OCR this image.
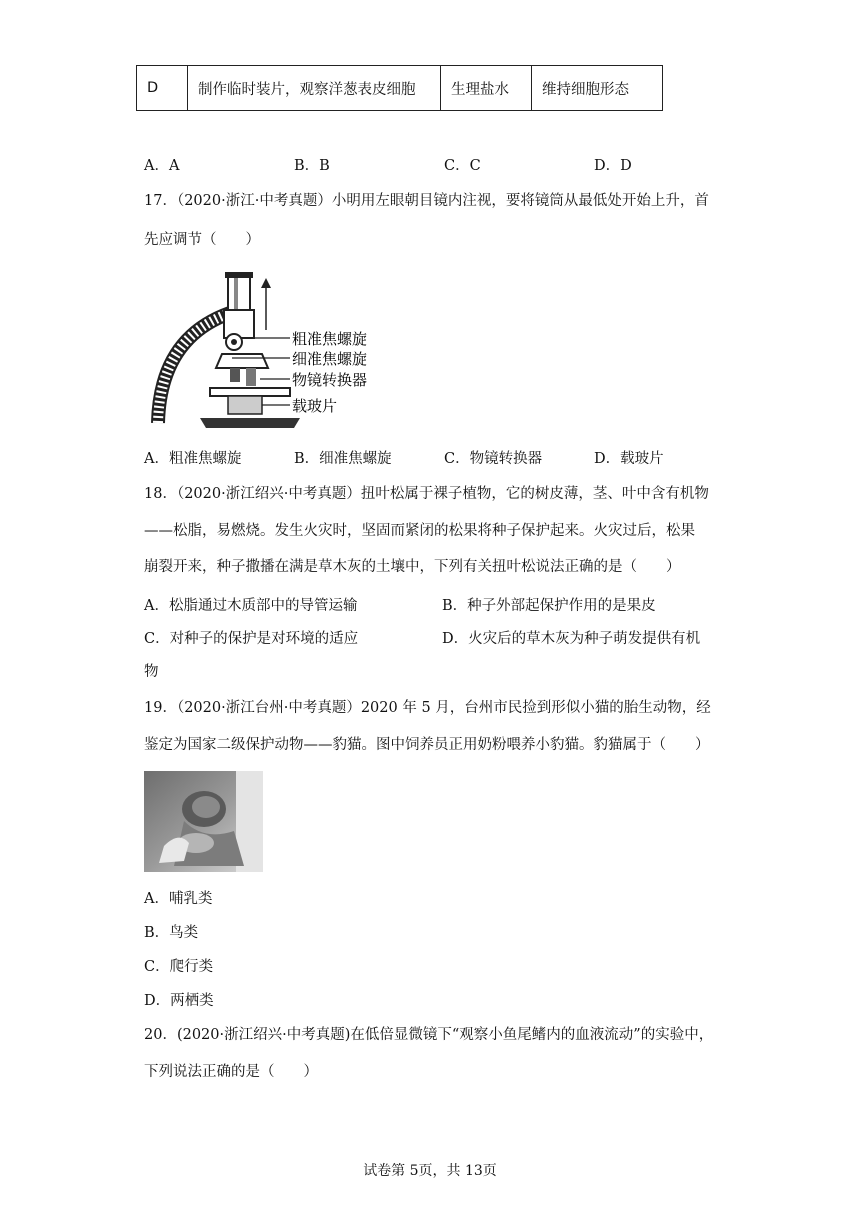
D	制作临时装片，观察洋葱表皮细胞	生理盐水	维持细胞形态
A．A	B．B	C．C	D．D
17．（2020·浙江·中考真题）小明用左眼朝目镜内注视，要将镜筒从最低处开始上升，首
先应调节（　　）
粗准焦螺旋
细准焦螺旋
物镜转换器
载玻片
A．粗准焦螺旋	B．细准焦螺旋	C．物镜转换器	D．载玻片
18．（2020·浙江绍兴·中考真题）扭叶松属于裸子植物，它的树皮薄，茎、叶中含有机物
——松脂，易燃烧。发生火灾时，坚固而紧闭的松果将种子保护起来。火灾过后，松果
崩裂开来，种子撒播在满是草木灰的土壤中，下列有关扭叶松说法正确的是（　　）
A．松脂通过木质部中的导管运输	B．种子外部起保护作用的是果皮
C．对种子的保护是对环境的适应	D．火灾后的草木灰为种子萌发提供有机
物
19．（2020·浙江台州·中考真题）2020 年 5 月，台州市民捡到形似小猫的胎生动物，经
鉴定为国家二级保护动物——豹猫。图中饲养员正用奶粉喂养小豹猫。豹猫属于（　　）
A．哺乳类
B．鸟类
C．爬行类
D．两栖类
20．(2020·浙江绍兴·中考真题)在低倍显微镜下“观察小鱼尾鳍内的血液流动”的实验中，
下列说法正确的是（　　）
试卷第 5页，共 13页
